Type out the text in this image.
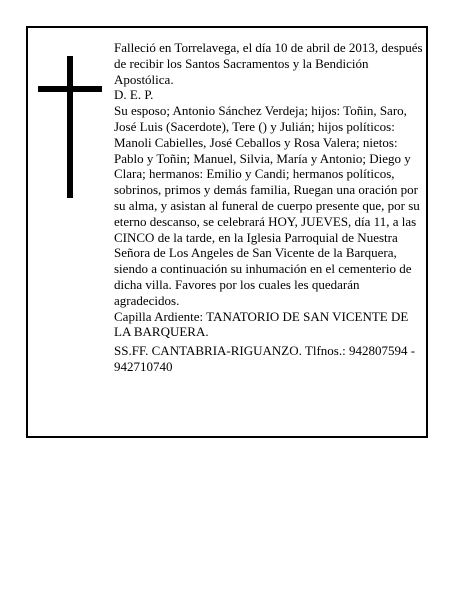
Falleció en Torrelavega, el día 10 de abril de 2013, después de recibir los Santos Sacramentos y la Bendición Apostólica.

D. E. P.

Su esposo; Antonio Sánchez Verdeja; hijos: Toñin, Saro, José Luis (Sacerdote), Tere () y Julián; hijos políticos: Manoli Cabielles, José Ceballos y Rosa Valera; nietos: Pablo y Toñin; Manuel, Silvia, María y Antonio; Diego y Clara; hermanos: Emilio y Candi; hermanos políticos, sobrinos, primos y demás familia, Ruegan una oración por su alma, y asistan al funeral de cuerpo presente que, por su eterno descanso, se celebrará HOY, JUEVES, día 11, a las CINCO de la tarde, en la Iglesia Parroquial de Nuestra Señora de Los Angeles de San Vicente de la Barquera, siendo a continuación su inhumación en el cementerio de dicha villa. Favores por los cuales les quedarán agradecidos.

Capilla Ardiente: TANATORIO DE SAN VICENTE DE LA BARQUERA.

SS.FF. CANTABRIA-RIGUANZO. Tlfnos.: 942807594 - 942710740
